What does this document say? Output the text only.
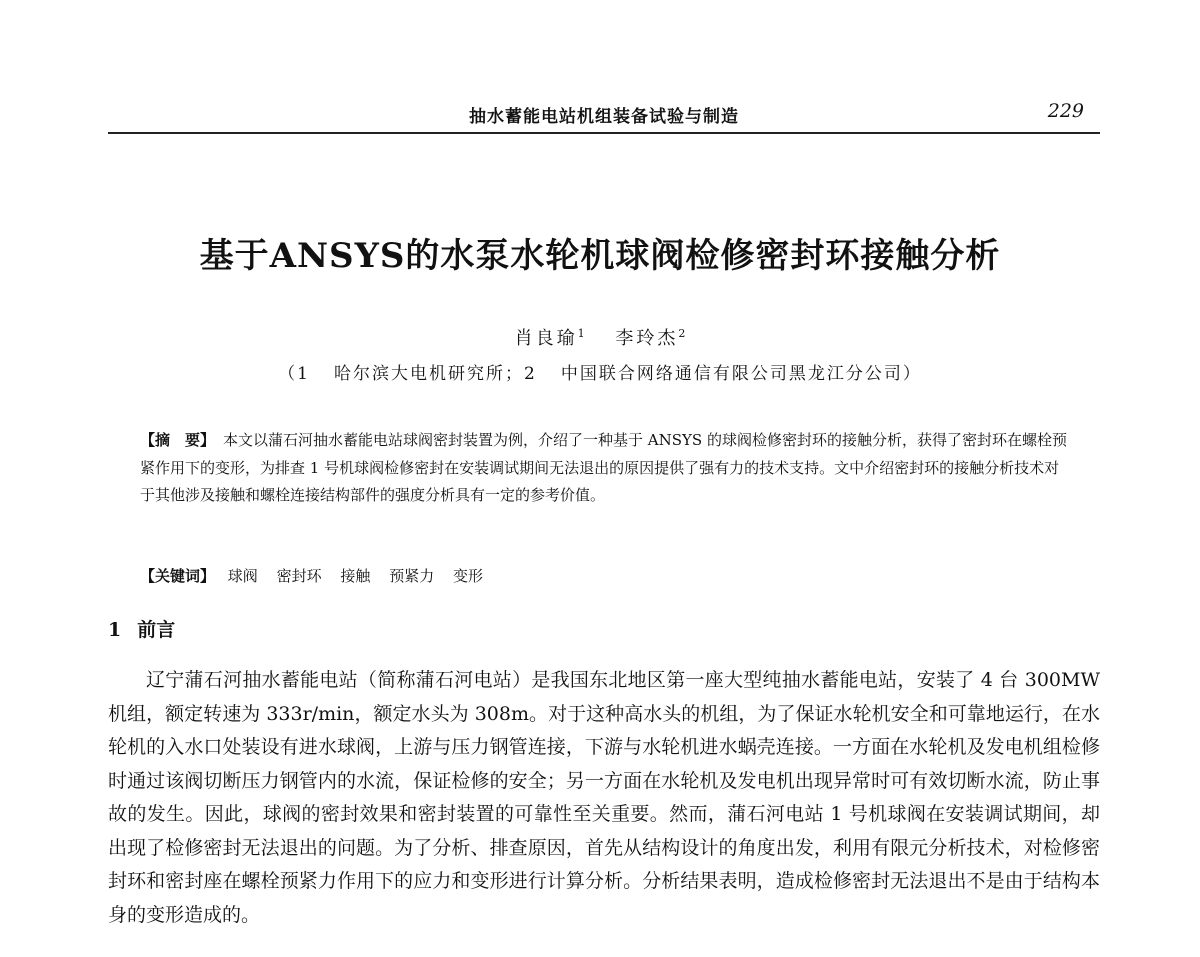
抽水蓄能电站机组装备试验与制造	229
基于ANSYS的水泵水轮机球阀检修密封环接触分析
肖良瑜$^1$ 李玲杰$^2$
（1 哈尔滨大电机研究所；2 中国联合网络通信有限公司黑龙江分公司）

【摘　要】 本文以蒲石河抽水蓄能电站球阀密封装置为例，介绍了一种基于 ANSYS 的球阀检修密封环的接触分析，获得了密封环在螺栓预紧作用下的变形，为排查 1 号机球阀检修密封在安装调试期间无法退出的原因提供了强有力的技术支持。文中介绍密封环的接触分析技术对于其他涉及接触和螺栓连接结构部件的强度分析具有一定的参考价值。

【关键词】 球阀 密封环 接触 预紧力 变形
1 前言

辽宁蒲石河抽水蓄能电站（简称蒲石河电站）是我国东北地区第一座大型纯抽水蓄能电站，安装了 4 台 300MW 机组，额定转速为 333r/min，额定水头为 308m。对于这种高水头的机组，为了保证水轮机安全和可靠地运行，在水轮机的入水口处装设有进水球阀，上游与压力钢管连接，下游与水轮机进水蜗壳连接。一方面在水轮机及发电机组检修时通过该阀切断压力钢管内的水流，保证检修的安全；另一方面在水轮机及发电机出现异常时可有效切断水流，防止事故的发生。因此，球阀的密封效果和密封装置的可靠性至关重要。然而，蒲石河电站 1 号机球阀在安装调试期间，却出现了检修密封无法退出的问题。为了分析、排查原因，首先从结构设计的角度出发，利用有限元分析技术，对检修密封环和密封座在螺栓预紧力作用下的应力和变形进行计算分析。分析结果表明，造成检修密封无法退出不是由于结构本身的变形造成的。
